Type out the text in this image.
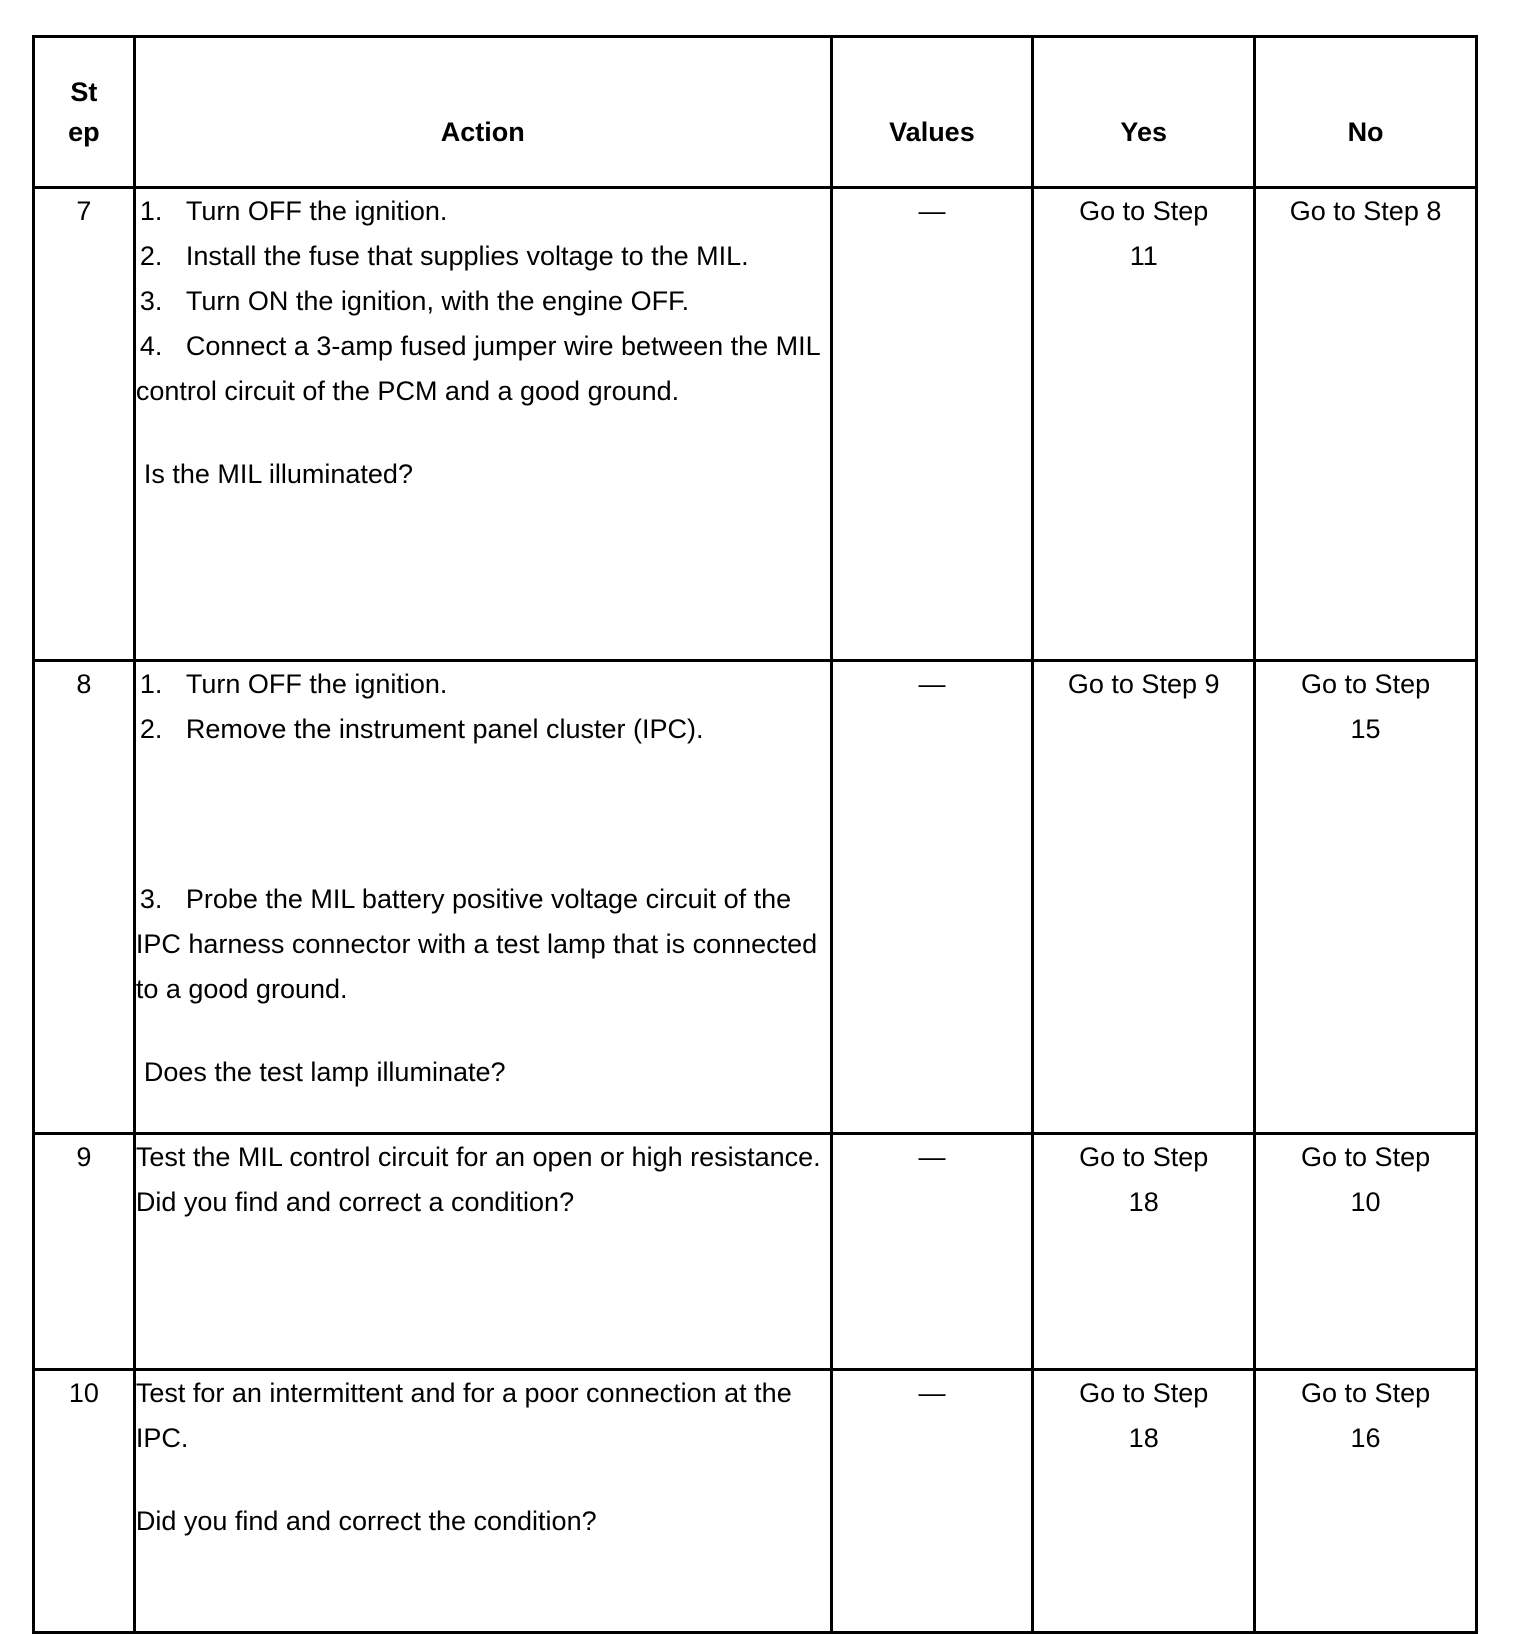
St
ep	Action	Values	Yes	No

7	1. Turn OFF the ignition.
2. Install the fuse that supplies voltage to the MIL.
3. Turn ON the ignition, with the engine OFF.
4. Connect a 3-amp fused jumper wire between the MIL control circuit of the PCM and a good ground.
Is the MIL illuminated?	—	Go to Step 11	Go to Step 8
8	1. Turn OFF the ignition.
2. Remove the instrument panel cluster (IPC).
3. Probe the MIL battery positive voltage circuit of the IPC harness connector with a test lamp that is connected to a good ground.
Does the test lamp illuminate?	—	Go to Step 9	Go to Step 15
9	Test the MIL control circuit for an open or high resistance.
Did you find and correct a condition?	—	Go to Step 18	Go to Step 10
10	Test for an intermittent and for a poor connection at the IPC.
Did you find and correct the condition?	—	Go to Step 18	Go to Step 16
